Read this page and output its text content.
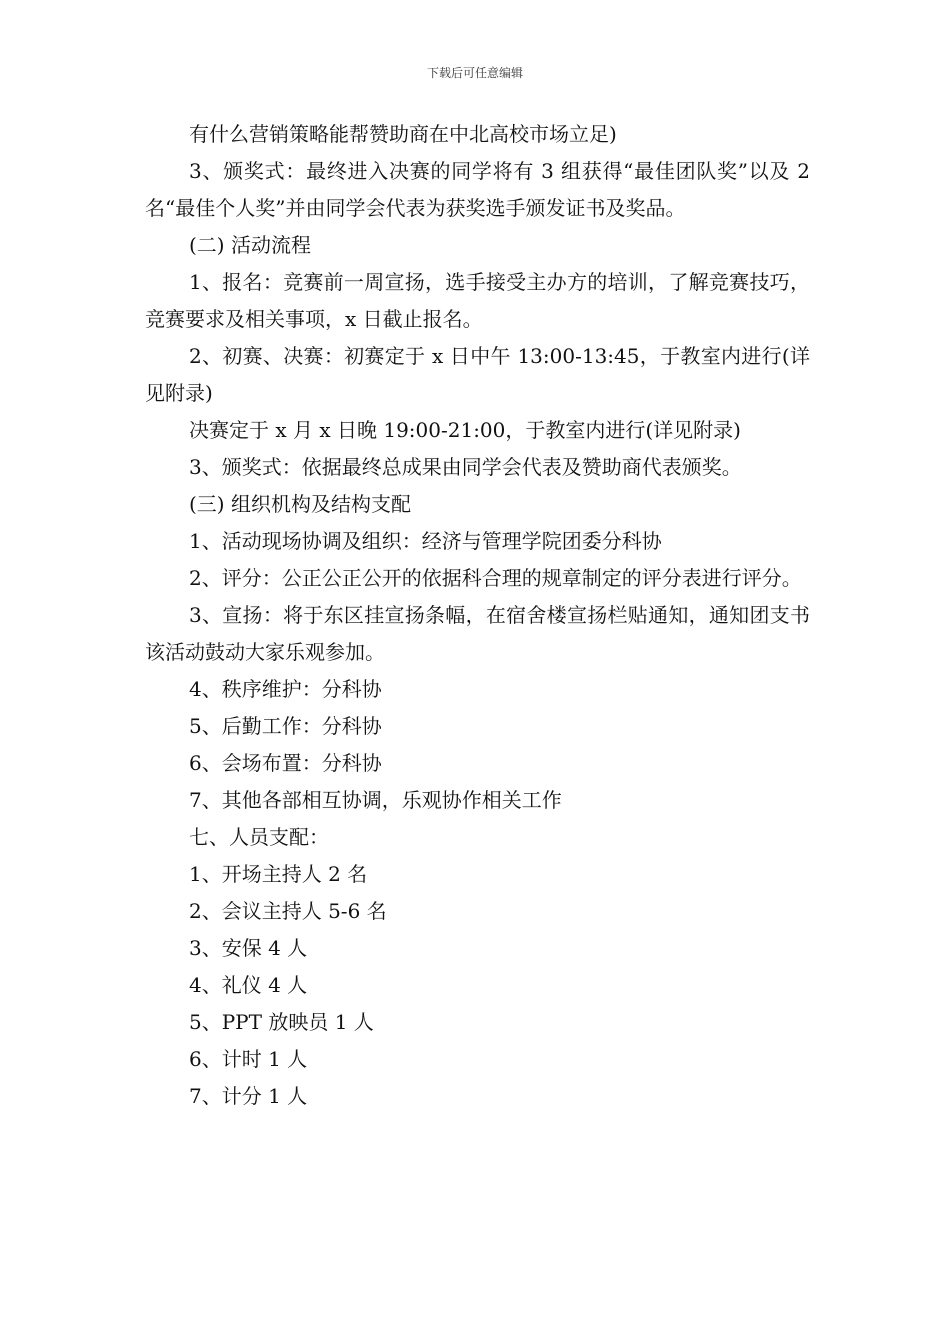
下载后可任意编辑

有什么营销策略能帮赞助商在中北高校市场立足)

3、颁奖式：最终进入决赛的同学将有 3 组获得“最佳团队奖”以及 2 名“最佳个人奖”并由同学会代表为获奖选手颁发证书及奖品。

(二) 活动流程

1、报名：竞赛前一周宣扬，选手接受主办方的培训，了解竞赛技巧，竞赛要求及相关事项，x 日截止报名。

2、初赛、决赛：初赛定于 x 日中午 13:00-13:45，于教室内进行(详见附录)

决赛定于 x 月 x 日晚 19:00-21:00，于教室内进行(详见附录)

3、颁奖式：依据最终总成果由同学会代表及赞助商代表颁奖。

(三) 组织机构及结构支配

1、活动现场协调及组织：经济与管理学院团委分科协

2、评分：公正公正公开的依据科合理的规章制定的评分表进行评分。

3、宣扬：将于东区挂宣扬条幅，在宿舍楼宣扬栏贴通知，通知团支书该活动鼓动大家乐观参加。

4、秩序维护：分科协

5、后勤工作：分科协

6、会场布置：分科协

7、其他各部相互协调，乐观协作相关工作

七、人员支配：

1、开场主持人 2 名

2、会议主持人 5-6 名

3、安保 4 人

4、礼仪 4 人

5、PPT 放映员 1 人

6、计时 1 人

7、计分 1 人
